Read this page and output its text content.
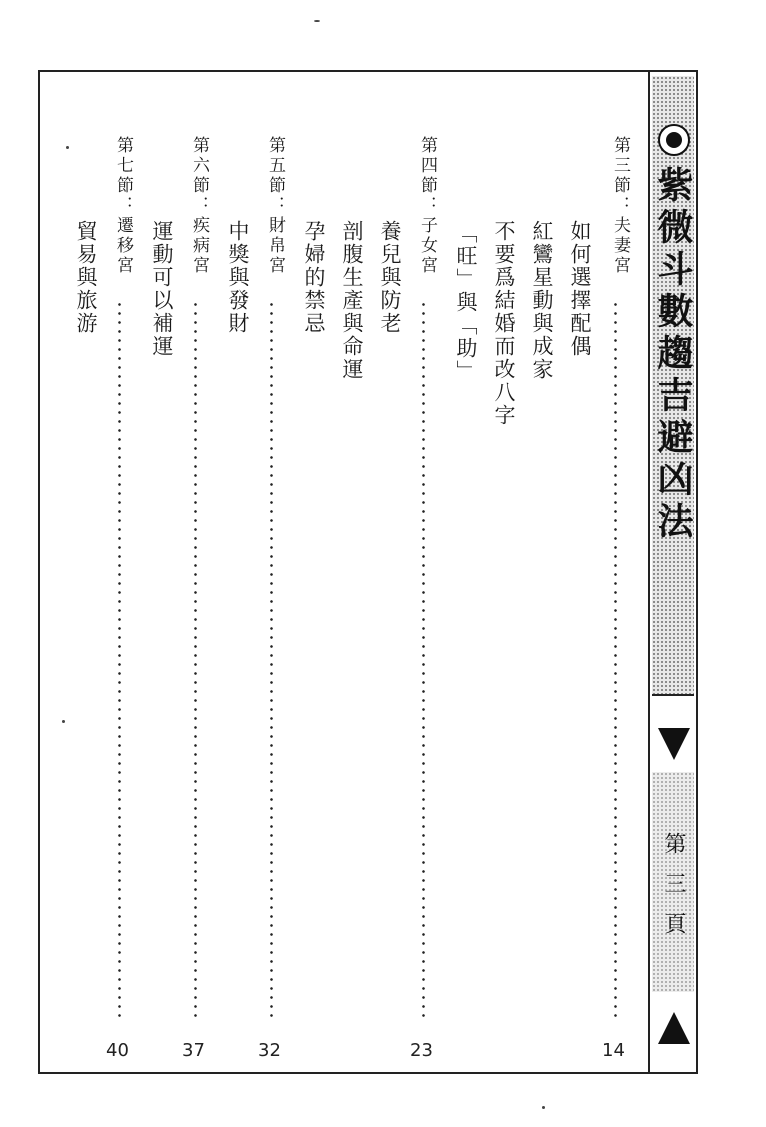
紫微斗數趨吉避凶法
第三頁
第三節：夫妻宮
14
如何選擇配偶
紅鸞星動與成家
不要爲結婚而改八字
「旺」與「助」
第四節：子女宮
23
養兒與防老
剖腹生產與命運
孕婦的禁忌
第五節：財帛宮
32
中獎與發財
第六節：疾病宮
37
運動可以補運
第七節：遷移宮
40
貿易與旅游
